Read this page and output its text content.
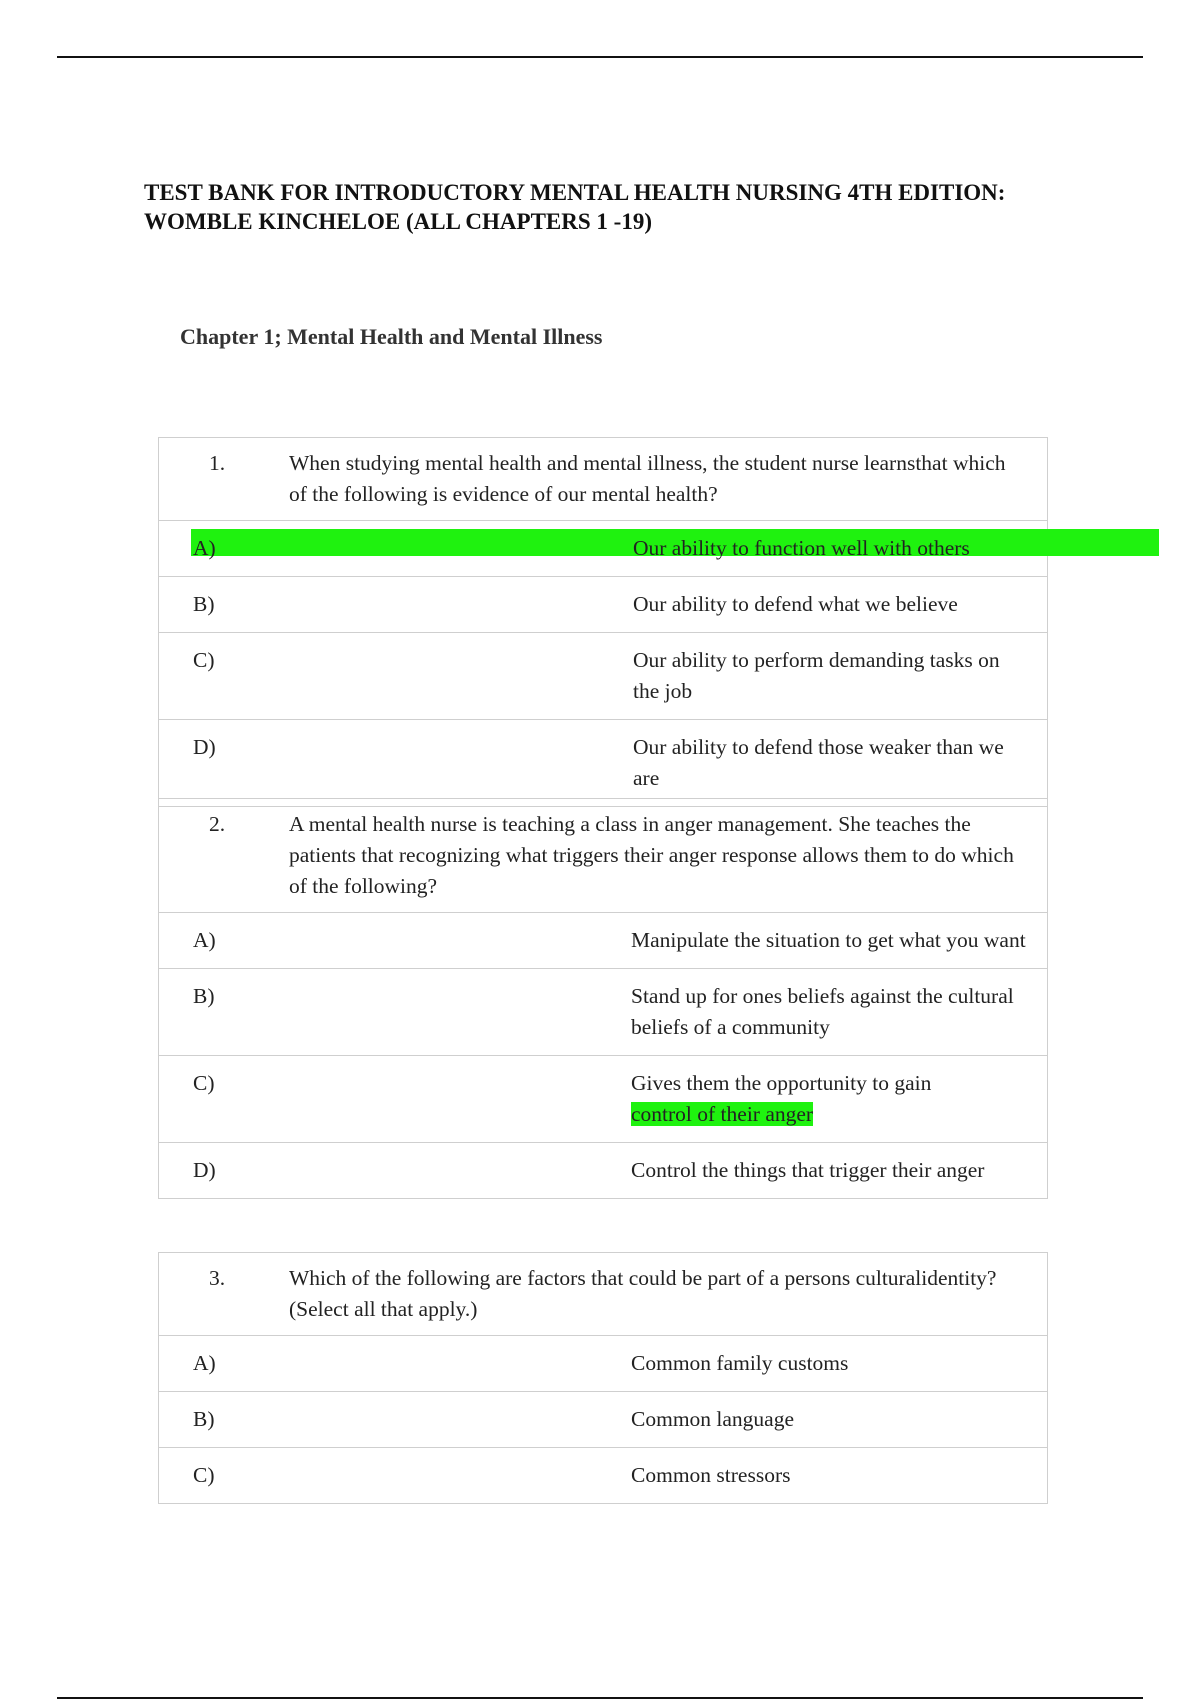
TEST BANK FOR INTRODUCTORY MENTAL HEALTH NURSING 4TH EDITION: WOMBLE KINCHELOE (ALL CHAPTERS 1 -19)
Chapter 1; Mental Health and Mental Illness
1.	When studying mental health and mental illness, the student nurse learnsthat which of the following is evidence of our mental health?
A)	Our ability to function well with others
B)	Our ability to defend what we believe
C)	Our ability to perform demanding tasks on the job
D)	Our ability to defend those weaker than we are
2.	A mental health nurse is teaching a class in anger management. She teaches the patients that recognizing what triggers their anger response allows them to do which of the following?
A)	Manipulate the situation to get what you want
B)	Stand up for ones beliefs against the cultural beliefs of a community
C)	Gives them the opportunity to gain
control of their anger
D)	Control the things that trigger their anger
3.	Which of the following are factors that could be part of a persons culturalidentity? (Select all that apply.)
A)	Common family customs
B)	Common language
C)	Common stressors
